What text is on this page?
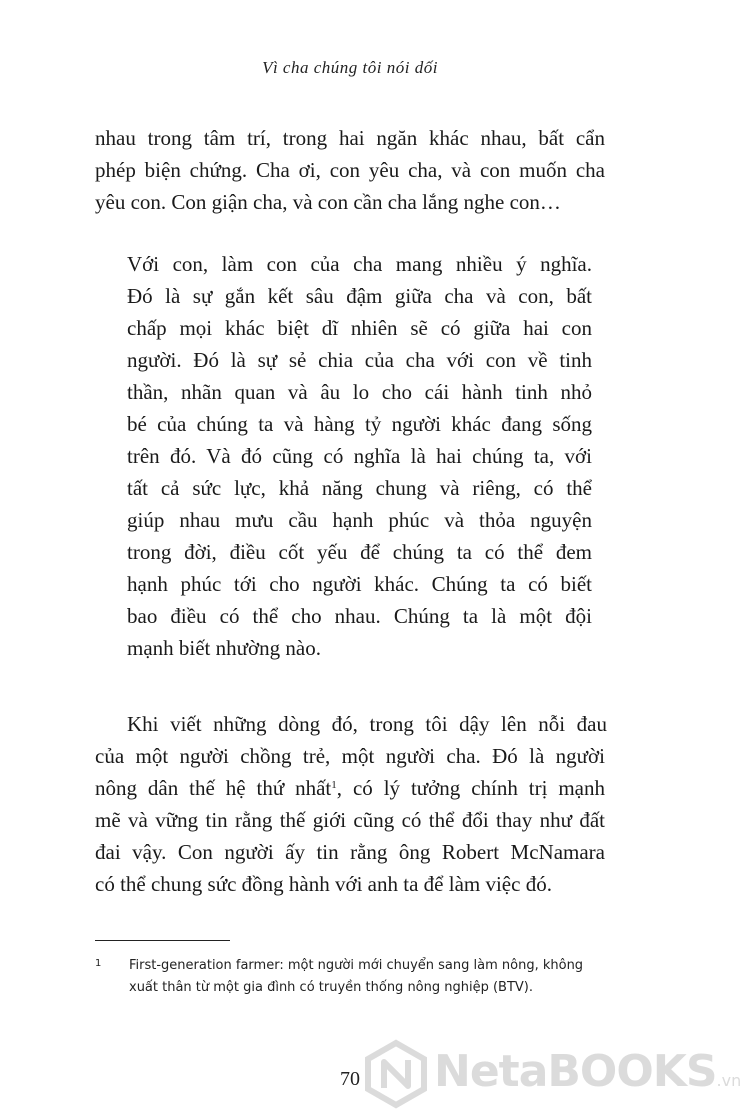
Vì cha chúng tôi nói dối
nhau trong tâm trí, trong hai ngăn khác nhau, bất cẩn
phép biện chứng. Cha ơi, con yêu cha, và con muốn cha
yêu con. Con giận cha, và con cần cha lắng nghe con…
Với con, làm con của cha mang nhiều ý nghĩa.
Đó là sự gắn kết sâu đậm giữa cha và con, bất
chấp mọi khác biệt dĩ nhiên sẽ có giữa hai con
người. Đó là sự sẻ chia của cha với con về tinh
thần, nhãn quan và âu lo cho cái hành tinh nhỏ
bé của chúng ta và hàng tỷ người khác đang sống
trên đó. Và đó cũng có nghĩa là hai chúng ta, với
tất cả sức lực, khả năng chung và riêng, có thể
giúp nhau mưu cầu hạnh phúc và thỏa nguyện
trong đời, điều cốt yếu để chúng ta có thể đem
hạnh phúc tới cho người khác. Chúng ta có biết
bao điều có thể cho nhau. Chúng ta là một đội
mạnh biết nhường nào.
Khi viết những dòng đó, trong tôi dậy lên nỗi đau
của một người chồng trẻ, một người cha. Đó là người
nông dân thế hệ thứ nhất$^1$, có lý tưởng chính trị mạnh
mẽ và vững tin rằng thế giới cũng có thể đổi thay như đất
đai vậy. Con người ấy tin rằng ông Robert McNamara
có thể chung sức đồng hành với anh ta để làm việc đó.
1 First-generation farmer: một người mới chuyển sang làm nông, không xuất thân từ một gia đình có truyền thống nông nghiệp (BTV).
70	NetaBOOKS.vn
